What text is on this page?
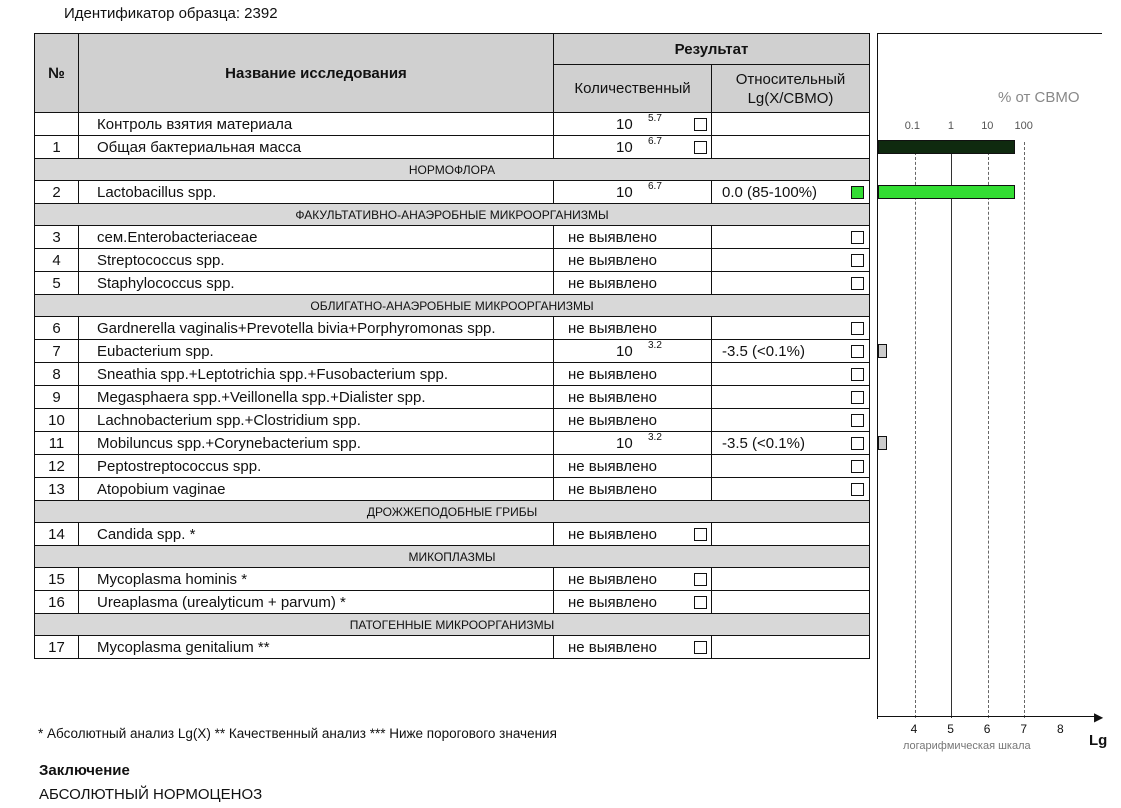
Идентификатор образца: 2392
№	Название исследования	Результат	
		Количественный	Относительный
Lg(X/СВМО)

	Контроль взятия материала	10 5.7	

1	Общая бактериальная масса	10 6.7	

НОРМОФЛОРА			
2	Lactobacillus spp.	10 6.7	0.0 (85-100%)

ФАКУЛЬТАТИВНО-АНАЭРОБНЫЕ МИКРООРГАНИЗМЫ			
3	сем.Enterobacteriaceae	не выявлено	

4	Streptococcus spp.	не выявлено	

5	Staphylococcus spp.	не выявлено	

ОБЛИГАТНО-АНАЭРОБНЫЕ МИКРООРГАНИЗМЫ			
6	Gardnerella vaginalis+Prevotella bivia+Porphyromonas spp.	не выявлено	

7	Eubacterium spp.	10 3.2	-3.5 (<0.1%)

8	Sneathia spp.+Leptotrichia spp.+Fusobacterium spp.	не выявлено	

9	Megasphaera spp.+Veillonella spp.+Dialister spp.	не выявлено	

10	Lachnobacterium spp.+Clostridium spp.	не выявлено	

11	Mobiluncus spp.+Corynebacterium spp.	10 3.2	-3.5 (<0.1%)

12	Peptostreptococcus spp.	не выявлено	

13	Atopobium vaginae	не выявлено	

ДРОЖЖЕПОДОБНЫЕ ГРИБЫ			
14	Candida spp. *	не выявлено	

МИКОПЛАЗМЫ			
15	Mycoplasma hominis *	не выявлено	

16	Ureaplasma (urealyticum + parvum) *	не выявлено	

ПАТОГЕННЫЕ МИКРООРГАНИЗМЫ			
17	Mycoplasma genitalium **	не выявлено	

% от СВМО
0.1	1 10 100
4 5 6 7 8
▶
логарифмическая шкала	Lg
* Абсолютный анализ Lg(X) ** Качественный анализ *** Ниже порогового значения
Заключение
АБСОЛЮТНЫЙ НОРМОЦЕНОЗ
